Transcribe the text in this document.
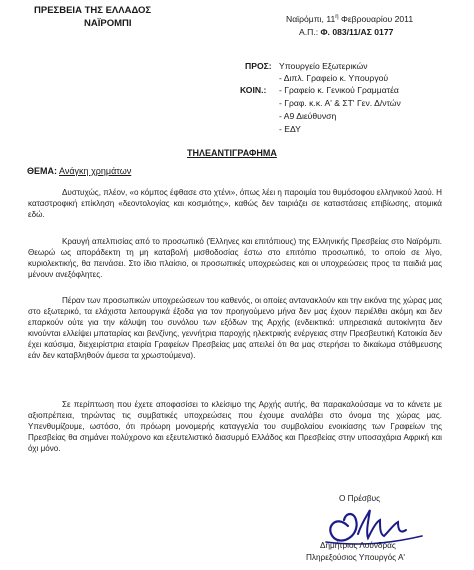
ΠΡΕΣΒΕΙΑ ΤΗΣ ΕΛΛΑΔΟΣ
ΝΑΪΡΟΜΠΙ	Ναϊρόμπι, $11^\eta$ Φεβρουαρίου 2011
Α.Π.: Φ. 083/11/ΑΣ 0177
ΠΡΟΣ: Υπουργείο Εξωτερικών
- Διπλ. Γραφείο κ. Υπουργού
ΚΟΙΝ.: - Γραφείο κ. Γενικού Γραμματέα
- Γραφ. κ.κ. Α' & ΣΤ' Γεν. Δ/ντών
- Α9 Διεύθυνση
- ΕΔΥ
ΤΗΛΕΑΝΤΙΓΡΑΦΗΜΑ
ΘΕΜΑ: Ανάγκη χρημάτων

Δυστυχώς, πλέον, «ο κόμπος έφθασε στο χτένι», όπως λέει η παροιμία του θυμόσοφου ελληνικού λαού. Η καταστροφική επίκληση «δεοντολογίας και κοσμιότης», καθώς δεν ταιριάζει σε καταστάσεις επιβίωσης, ατομικά εδώ.

Κραυγή απελπισίας από το προσωπικό (Έλληνες και επιτόπιους) της Ελληνικής Πρεσβείας στο Ναϊρόμπι. Θεωρώ ως αποράδεκτη τη μη καταβολή μισθοδοσίας έστω στο επιτόπιο προσωπικό, το οποίο σε λίγο, κυριολεκτικής, θα πεινάσει. Στο ίδιο πλαίσιο, οι προσωπικές υποχρεώσεις και οι υποχρεώσεις προς τα παιδιά μας μένουν ανεξόφλητες.

Πέραν των προσωπικών υποχρεώσεων του καθενός, οι οποίες αντανακλούν και την εικόνα της χώρας μας στο εξωτερικό, τα ελάχιστα λειτουργικά έξοδα για τον προηγούμενο μήνα δεν μας έχουν περιέλθει ακόμη και δεν επαρκούν ούτε για την κάλυψη του συνόλου των εξόδων της Αρχής (ενδεικτικά: υπηρεσιακά αυτοκίνητα δεν κινούνται ελλείψει μπαταρίας και βενζίνης, γεννήτρια παροχής ηλεκτρικής ενέργειας στην Πρεσβευτική Κατοικία δεν έχει καύσιμα, διεχειρίστρια εταιρία Γραφείων Πρεσβείας μας απειλεί ότι θα μας στερήσει το δικαίωμα στάθμευσης εάν δεν καταβληθούν άμεσα τα χρωστούμενα).

Σε περίπτωση που έχετε αποφασίσει το κλείσιμο της Αρχής αυτής, θα παρακαλούσαμε να το κάνετε με αξιοπρέπεια, τηρώντας τις συμβατικές υποχρεώσεις που έχουμε αναλάβει στο όνομα της χώρας μας. Υπενθυμίζουμε, ωστόσο, ότι πρόωρη μονομερής καταγγελία του συμβολαίου ενοικίασης των Γραφείων της Πρεσβείας θα σημάνει πολύχρονο και εξευτελιστικό διασυρμό Ελλάδος και Πρεσβείας στην υποσαχάρια Αφρική και όχι μόνο.

Ο Πρέσβυς
Δημήτριος Λούνδρας
Πληρεξούσιος Υπουργός Α'
